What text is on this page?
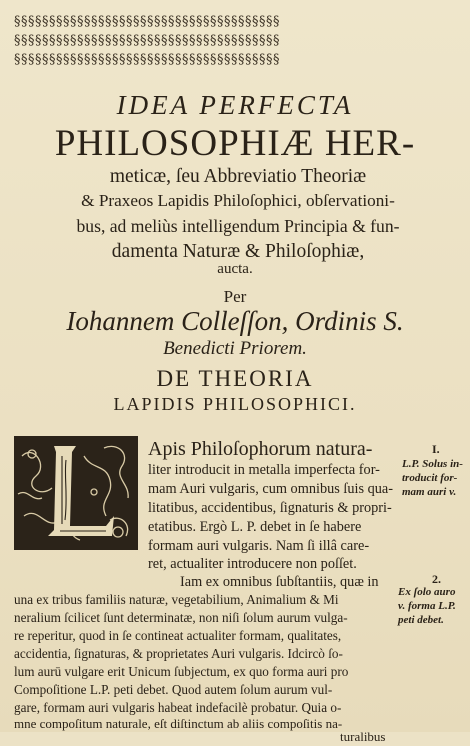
§§§§§§§§§§§§§§§§§§§§§§§§§§§§§§§§§§§§§§
§§§§§§§§§§§§§§§§§§§§§§§§§§§§§§§§§§§§§§
§§§§§§§§§§§§§§§§§§§§§§§§§§§§§§§§§§§§§§
IDEA PERFECTA
PHILOSOPHIÆ HER-
meticæ, ſeu Abbreviatio Theoriæ
& Praxeos Lapidis Philoſophici, obſervationi-
bus, ad meliùs intelligendum Principia & fun-
damenta Naturæ & Philoſophiæ,
aucta.
Per
Iohannem Colleſſon, Ordinis S.
Benedicti Priorem.
DE THEORIA
LAPIDIS PHILOSOPHICI.
Apis Philoſophorum natura-
liter introducit in metalla imperfecta for-
mam Auri vulgaris, cum omnibus ſuis qua-
litatibus, accidentibus, ſignaturis & propri-
etatibus. Ergò L. P. debet in ſe habere
formam auri vulgaris. Nam ſi illâ care-
ret, actualiter introducere non poſſet.
Iam ex omnibus ſubſtantiis, quæ in
una ex tribus familiis naturæ, vegetabilium, Animalium & Mi
neralium ſcilicet ſunt determinatæ, non niſi ſolum aurum vulga-
re reperitur, quod in ſe contineat actualiter formam, qualitates,
accidentia, ſignaturas, & proprietates Auri vulgaris. Idcircò ſo-
lum aurū vulgare erit Unicum ſubjectum, ex quo forma auri pro
Compoſitione L.P. peti debet. Quod autem ſolum aurum vul-
gare, formam auri vulgaris habeat indefacilè probatur. Quia o-
mne compoſitum naturale, eſt diſtinctum ab aliis compoſitis na-
turalibus
I.
L.P. Solus in-
troducit for-
mam auri v.
2.
Ex ſolo auro
v. forma L.P.
peti debet.
